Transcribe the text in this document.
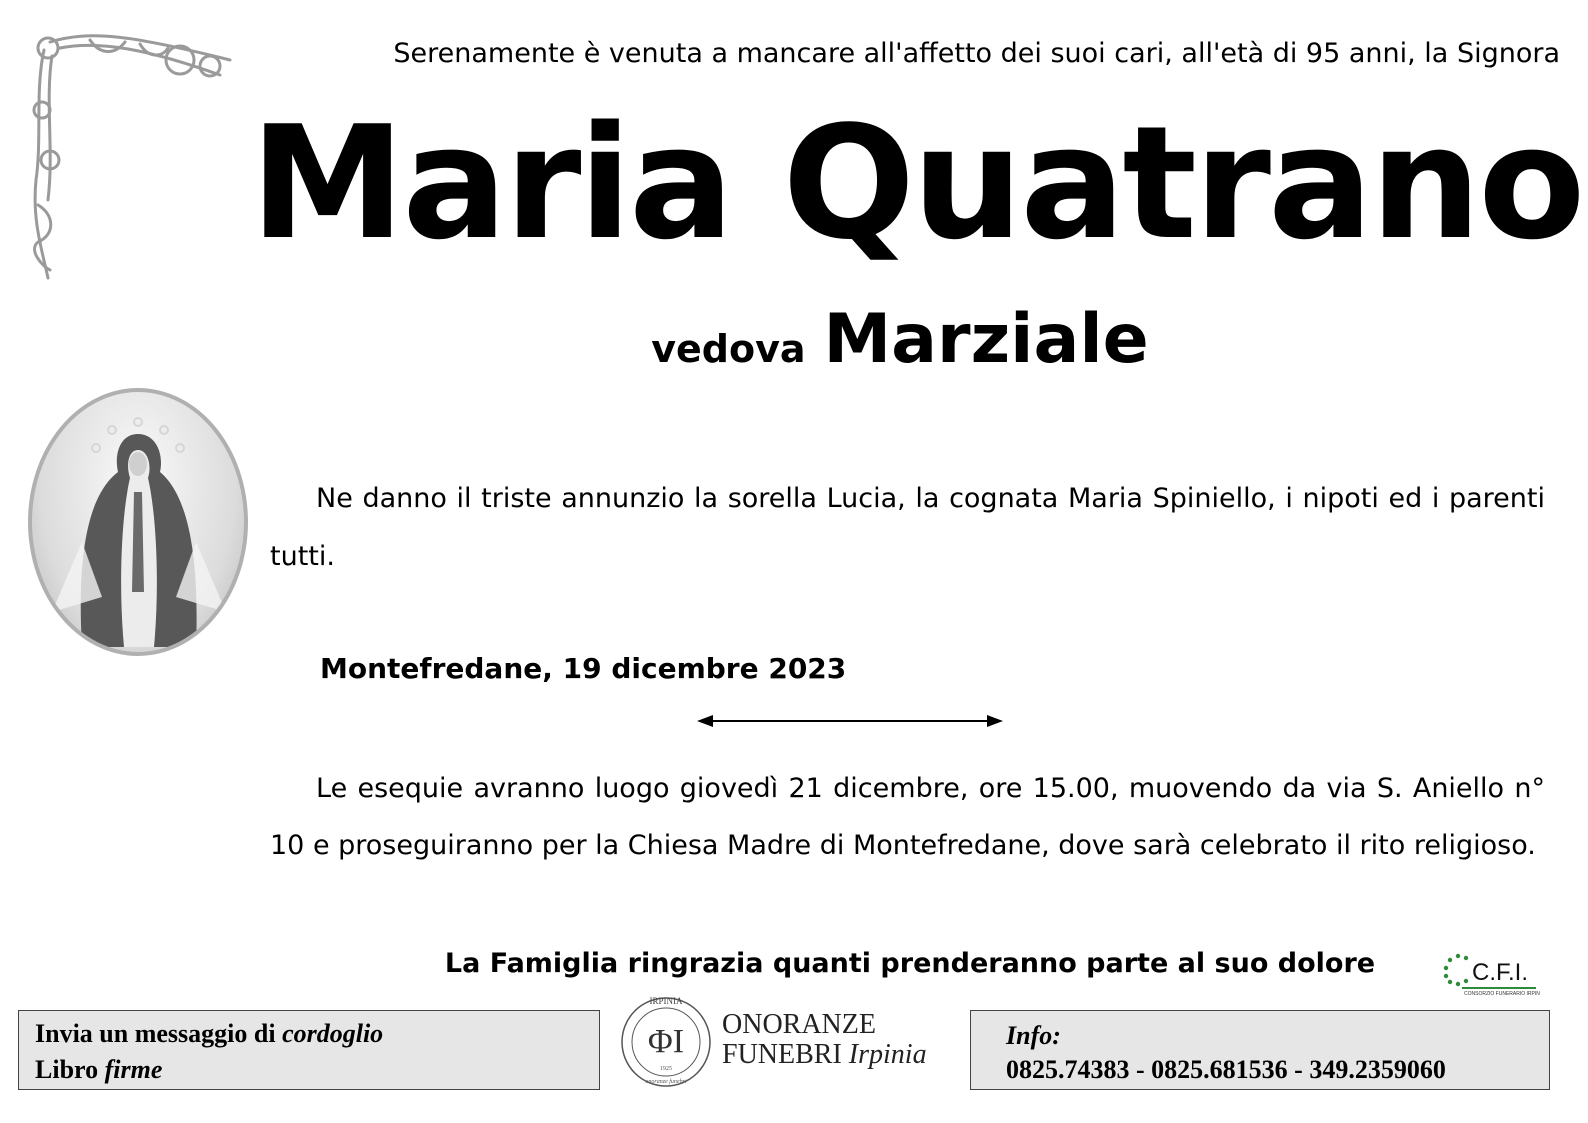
Serenamente è venuta a mancare all'affetto dei suoi cari, all'età di 95 anni, la Signora
Maria Quatrano
vedova Marziale
Ne danno il triste annunzio la sorella Lucia, la cognata Maria Spiniello, i nipoti ed i parenti tutti.
Montefredane, 19 dicembre 2023
Le esequie avranno luogo giovedì 21 dicembre, ore 15.00, muovendo da via S. Aniello n° 10 e proseguiranno per la Chiesa Madre di Montefredane, dove sarà celebrato il rito religioso.
La Famiglia ringrazia quanti prenderanno parte al suo dolore	C.F.I.
CONSORZIO FUNERARIO IRPINO
Invia un messaggio di cordoglio
Libro firme
IRPINIA
ΦΙ
1925
onoranze funebri
ONORANZE
FUNEBRI Irpinia
Info:
0825.74383 - 0825.681536 - 349.2359060
